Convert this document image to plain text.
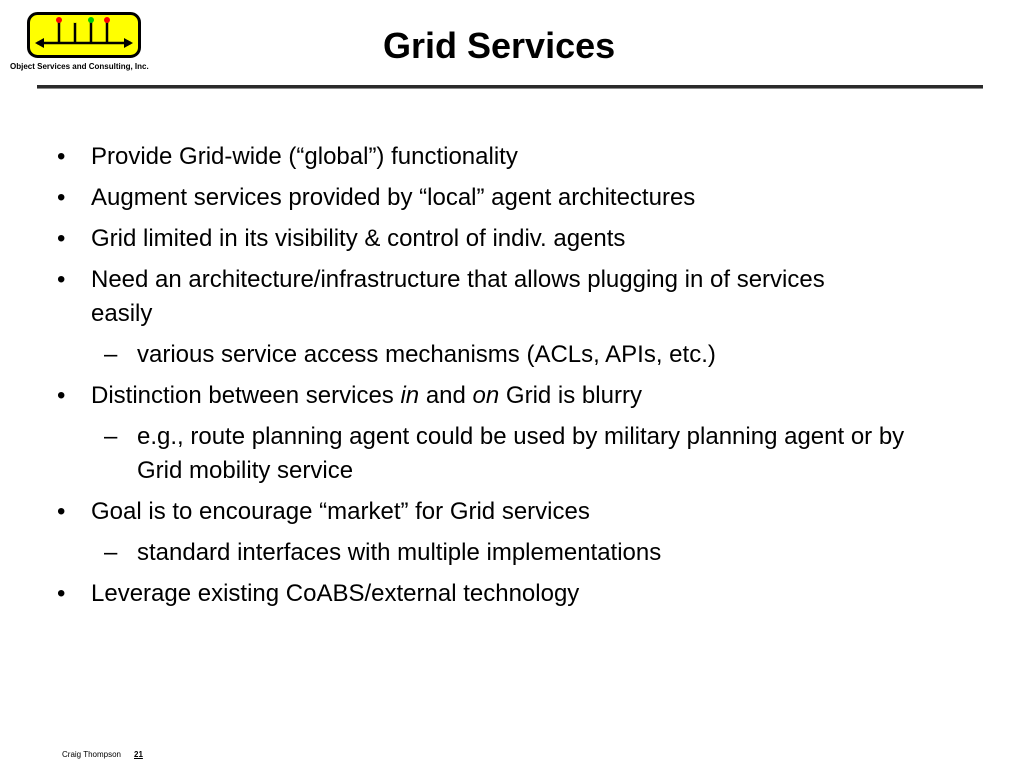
Object Services and Consulting, Inc.
Grid Services
• Provide Grid-wide (“global”) functionality
• Augment services provided by “local” agent architectures
• Grid limited in its visibility & control of indiv. agents
• Need an architecture/infrastructure that allows plugging in of services easily
– various service access mechanisms (ACLs, APIs, etc.)
• Distinction between services in and on Grid is blurry
– e.g., route planning agent could be used by military planning agent or by Grid mobility service
• Goal is to encourage “market” for Grid services
– standard interfaces with multiple implementations
• Leverage existing CoABS/external technology
Craig Thompson 21
